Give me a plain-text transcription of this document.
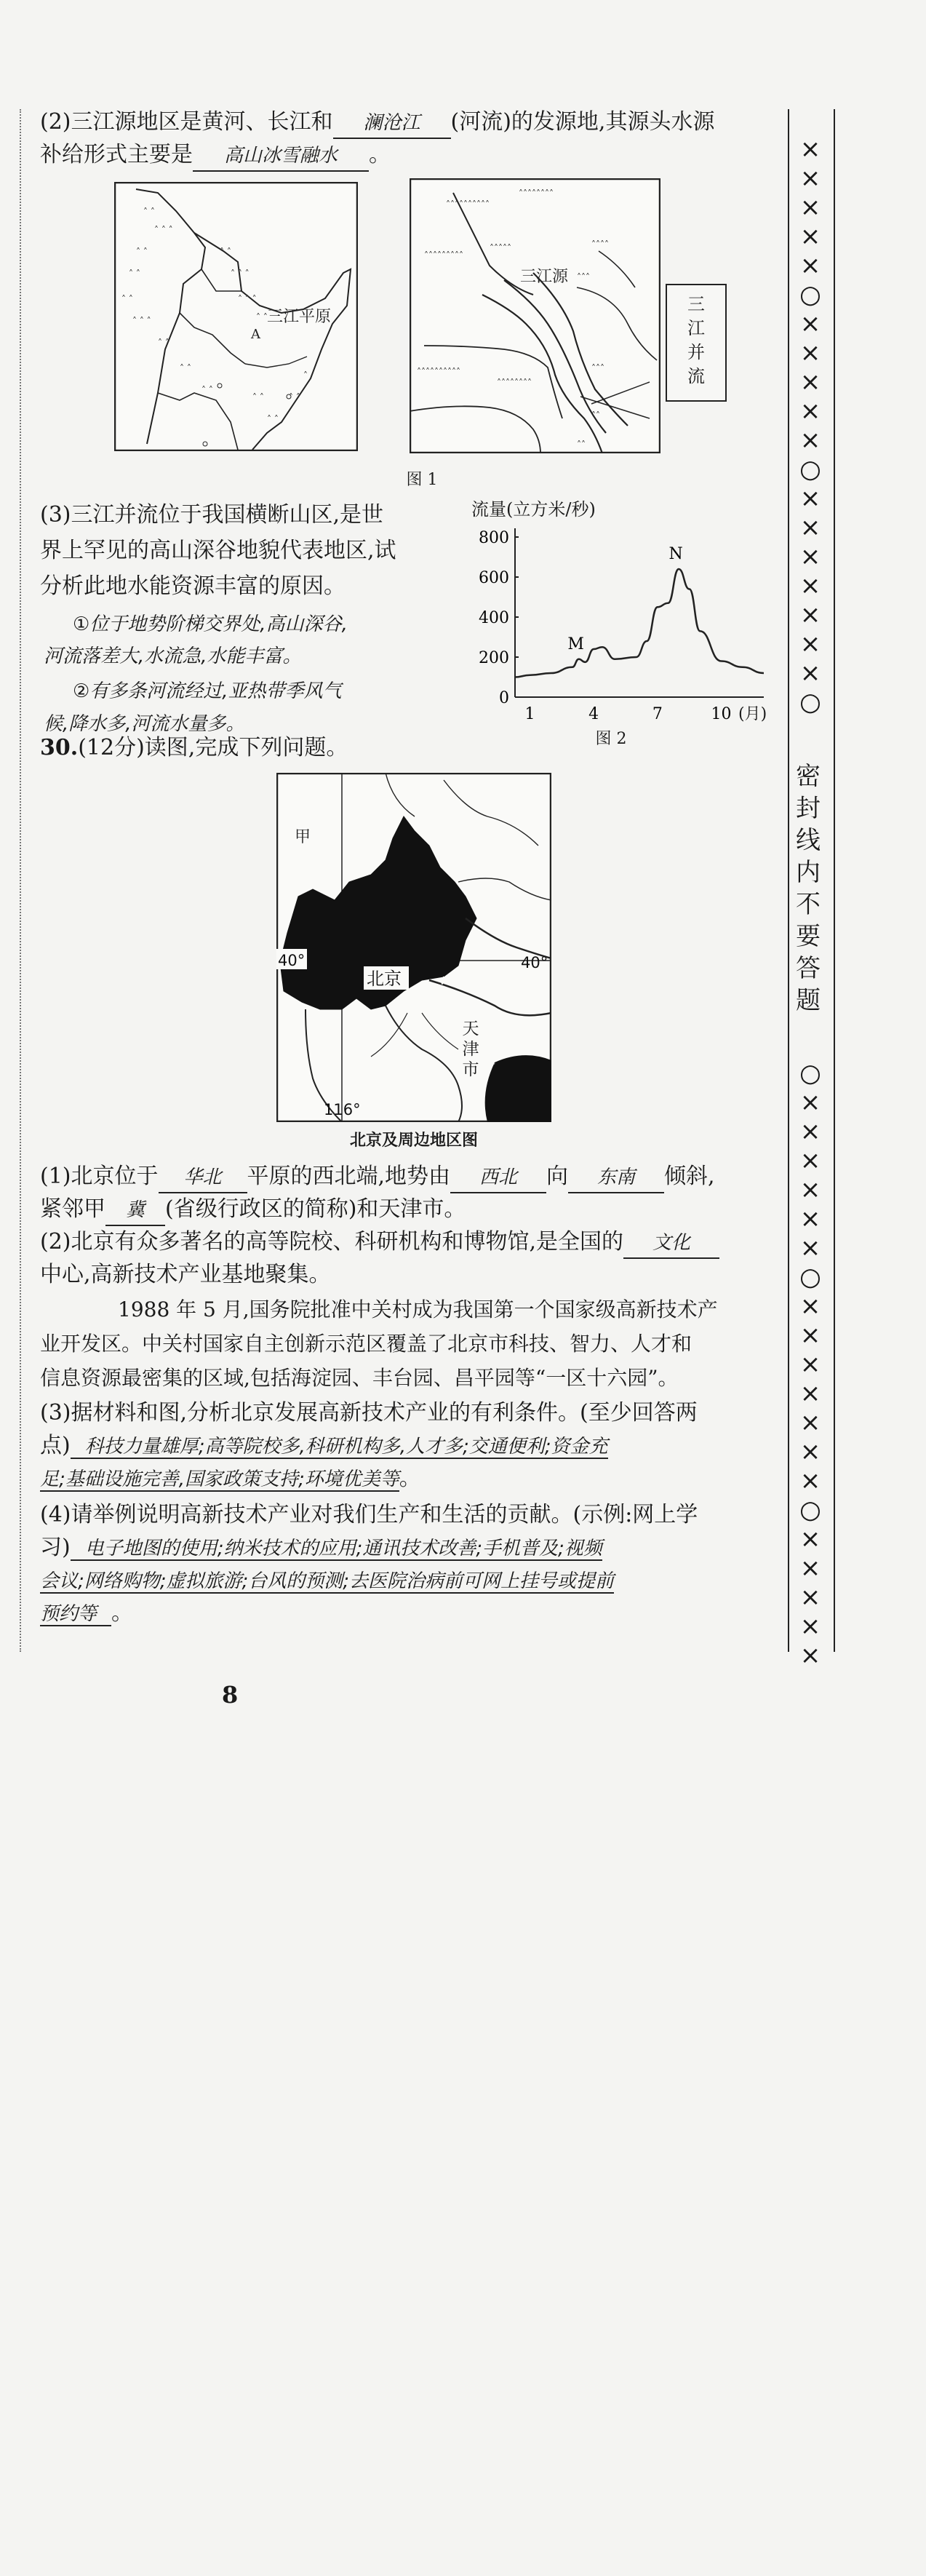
(2)三江源地区是黄河、长江和 澜沧江 (河流)的发源地,其源头水源
补给形式主要是 高山冰雪融水 。
˄ ˄
˄ ˄ ˄
˄ ˄
˄ ˄
˄ ˄
˄ ˄ ˄
˄ ˄
˄ ˄
˄ ˄ ˄
˄ ˄ ˄
˄ ˄
˄ ˄
˄ ˄
˄ ˄
˄ ˄
˄ ˄
˄
A
三江平原
˄˄˄˄˄˄˄˄˄˄
˄˄˄˄˄˄˄˄
˄˄˄˄˄˄˄˄˄
˄˄˄˄˄	˄˄˄˄
˄˄˄
˄˄˄˄˄˄˄˄˄˄
˄˄˄˄˄˄˄˄
˄˄˄
˄˄
˄˄
三江源
三江并流
图 1
(3)三江并流位于我国横断山区,是世
界上罕见的高山深谷地貌代表地区,试
分析此地水能资源丰富的原因。
①位于地势阶梯交界处,高山深谷,
河流落差大,水流急,水能丰富。
②有多条河流经过,亚热带季风气
候,降水多,河流水量多。
流量(立方米/秒)
0
200
400
600
800
1	4	7	10
M
N
(月)
图 2
30.(12分)读图,完成下列问题。
甲
北京
40°	40°
116°
天津市
北京及周边地区图
(1)北京位于 华北 平原的西北端,地势由 西北 向 东南 倾斜,
紧邻甲 冀 (省级行政区的简称)和天津市。
(2)北京有众多著名的高等院校、科研机构和博物馆,是全国的 文化
中心,高新技术产业基地聚集。
1988 年 5 月,国务院批准中关村成为我国第一个国家级高新技术产
业开发区。中关村国家自主创新示范区覆盖了北京市科技、智力、人才和
信息资源最密集的区域,包括海淀园、丰台园、昌平园等“一区十六园”。
(3)据材料和图,分析北京发展高新技术产业的有利条件。(至少回答两
点) 科技力量雄厚;高等院校多,科研机构多,人才多;交通便利;资金充
足;基础设施完善,国家政策支持;环境优美等。
(4)请举例说明高新技术产业对我们生产和生活的贡献。(示例:网上学
习) 电子地图的使用;纳米技术的应用;通讯技术改善;手机普及;视频
会议;网络购物;虚拟旅游;台风的预测;去医院治病前可网上挂号或提前
预约等 。
8
×
×
×
×
×
○
×
×
×
×
×
○
×
×
×
×
×
×
×
○
○
×
×
×
×
×
×
○
×
×
×
×
×
×
×
○
×
×
×
×
×
密封线内不要答题
